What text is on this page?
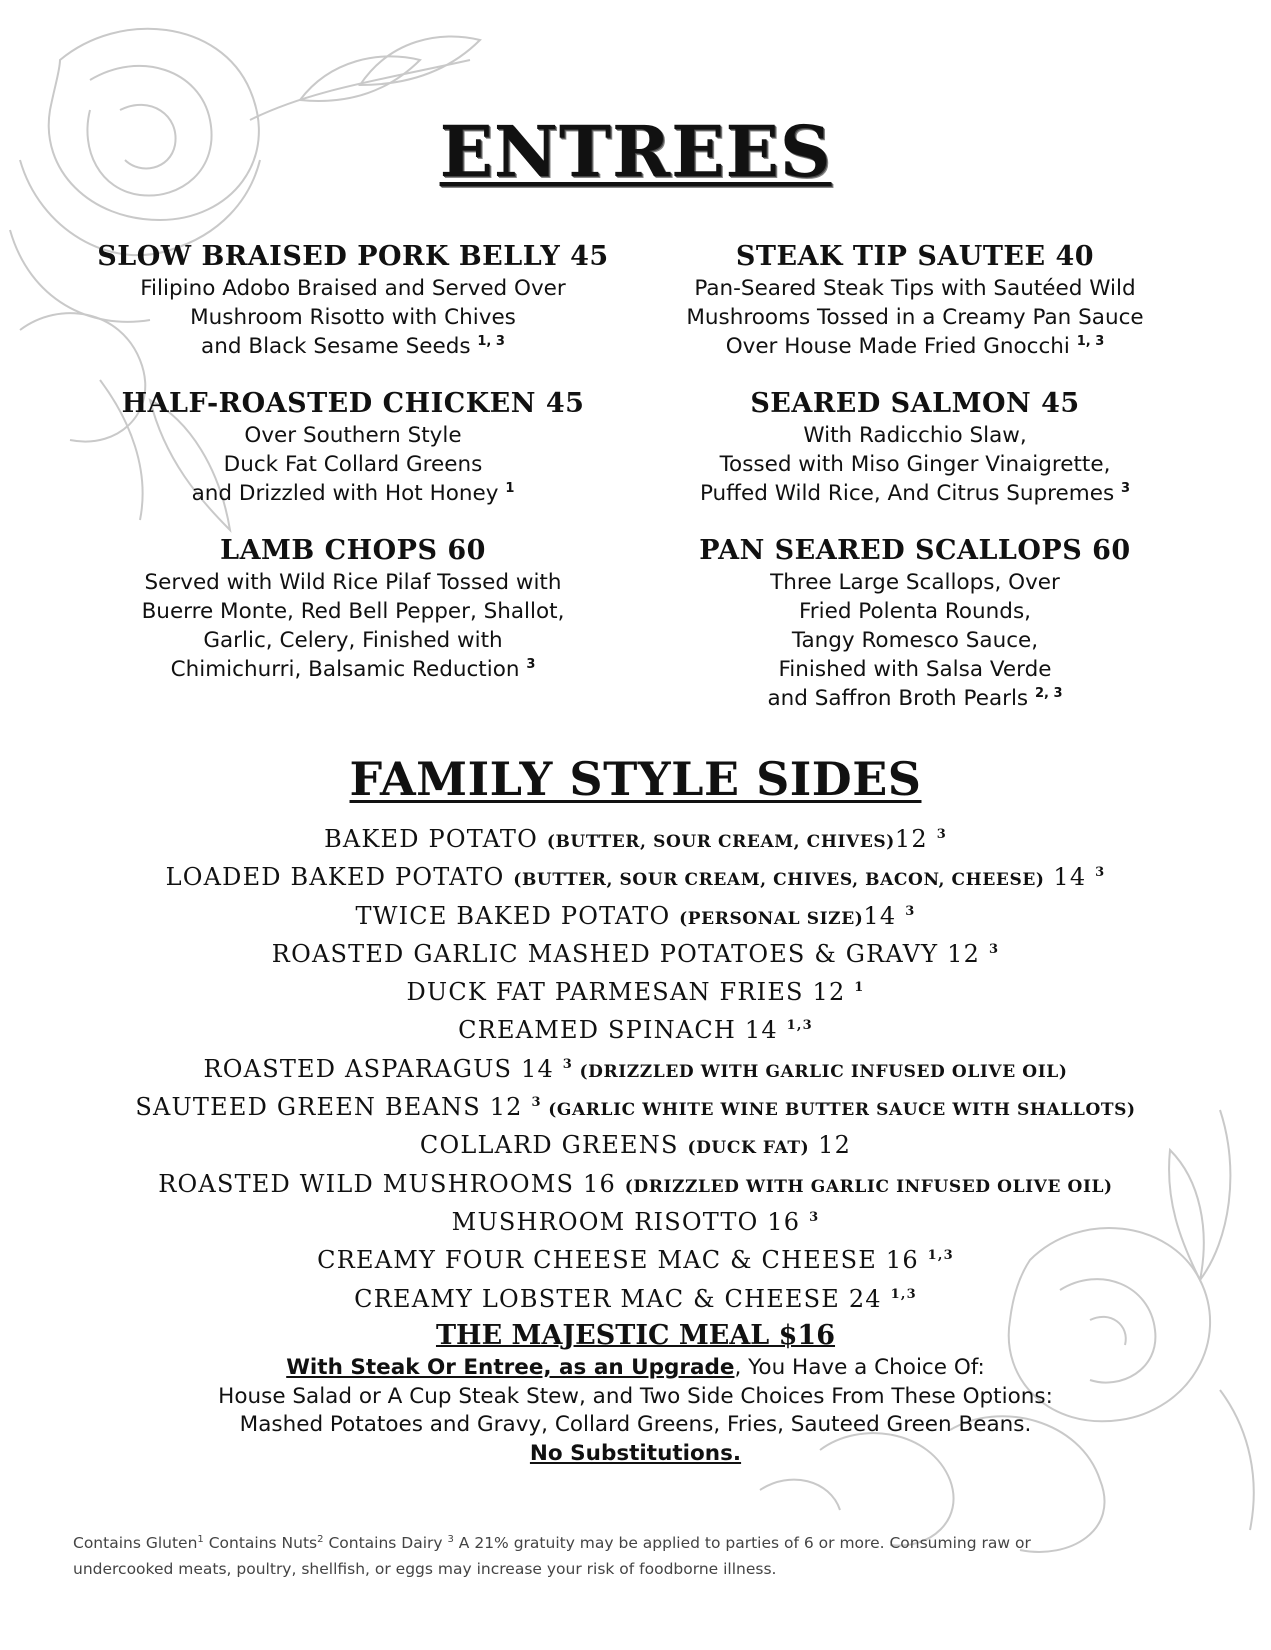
ENTREES
SLOW BRAISED PORK BELLY 45
Filipino Adobo Braised and Served Over
Mushroom Risotto with Chives
and Black Sesame Seeds $^{1, 3}$
STEAK TIP SAUTEE 40
Pan-Seared Steak Tips with Sautéed Wild
Mushrooms Tossed in a Creamy Pan Sauce
Over House Made Fried Gnocchi $^{1, 3}$
HALF-ROASTED CHICKEN 45
Over Southern Style
Duck Fat Collard Greens
and Drizzled with Hot Honey $^1$
SEARED SALMON 45
With Radicchio Slaw,
Tossed with Miso Ginger Vinaigrette,
Puffed Wild Rice, And Citrus Supremes $^3$
LAMB CHOPS 60
Served with Wild Rice Pilaf Tossed with
Buerre Monte, Red Bell Pepper, Shallot,
Garlic, Celery, Finished with
Chimichurri, Balsamic Reduction $^3$
PAN SEARED SCALLOPS 60
Three Large Scallops, Over
Fried Polenta Rounds,
Tangy Romesco Sauce,
Finished with Salsa Verde
and Saffron Broth Pearls $^{2, 3}$
FAMILY STYLE SIDES
BAKED POTATO (BUTTER, SOUR CREAM, CHIVES)12 $^3$
LOADED BAKED POTATO (BUTTER, SOUR CREAM, CHIVES, BACON, CHEESE) 14 $^3$
TWICE BAKED POTATO (PERSONAL SIZE)14 $^3$
ROASTED GARLIC MASHED POTATOES & GRAVY 12 $^3$
DUCK FAT PARMESAN FRIES 12 $^1$
CREAMED SPINACH 14 $^{1,3}$
ROASTED ASPARAGUS 14 $^3$ (DRIZZLED WITH GARLIC INFUSED OLIVE OIL)
SAUTEED GREEN BEANS 12 $^3$ (GARLIC WHITE WINE BUTTER SAUCE WITH SHALLOTS)
COLLARD GREENS (DUCK FAT) 12
ROASTED WILD MUSHROOMS 16 (DRIZZLED WITH GARLIC INFUSED OLIVE OIL)
MUSHROOM RISOTTO 16 $^3$
CREAMY FOUR CHEESE MAC & CHEESE 16 $^{1,3}$
CREAMY LOBSTER MAC & CHEESE 24 $^{1,3}$
THE MAJESTIC MEAL $16
With Steak Or Entree, as an Upgrade, You Have a Choice Of:
House Salad or A Cup Steak Stew, and Two Side Choices From These Options:
Mashed Potatoes and Gravy, Collard Greens, Fries, Sauteed Green Beans.
No Substitutions.
Contains Gluten$^1$ Contains Nuts$^2$ Contains Dairy $^3$ A 21% gratuity may be applied to parties of 6 or more. Consuming raw or undercooked meats, poultry, shellfish, or eggs may increase your risk of foodborne illness.
